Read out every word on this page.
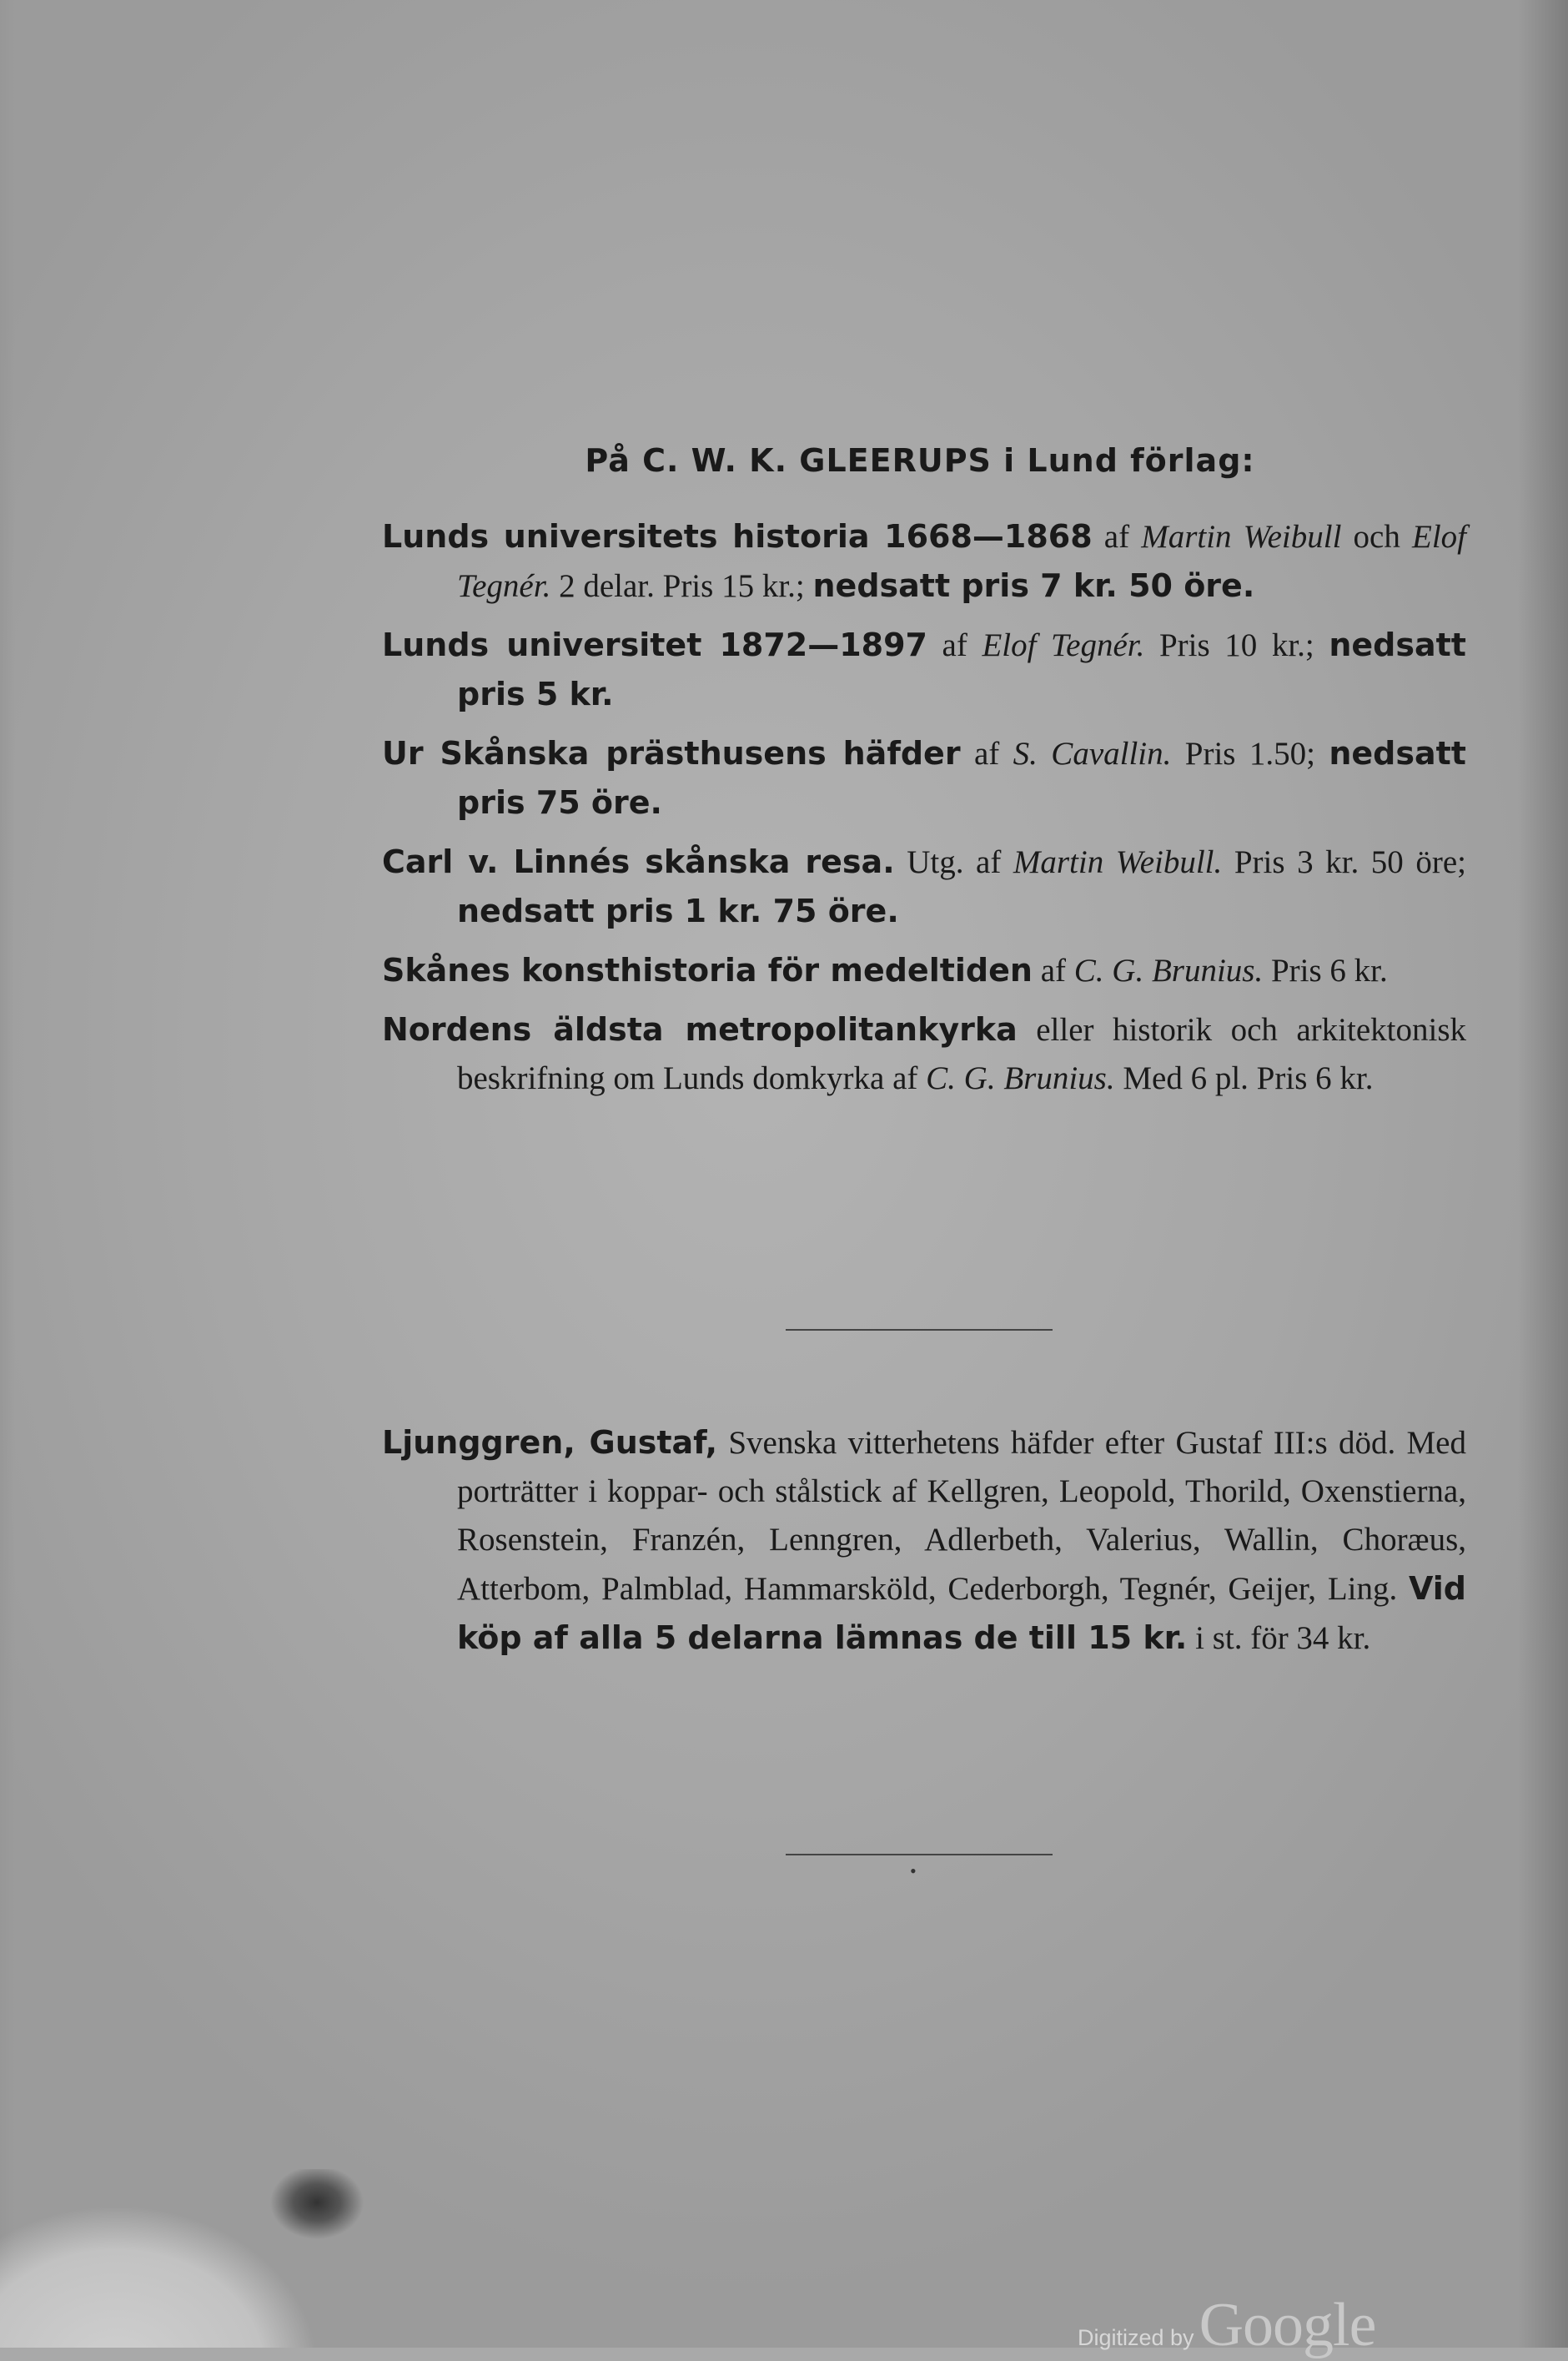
På C. W. K. GLEERUPS i Lund förlag:
Lunds universitets historia 1668—1868 af Martin Weibull och Elof Tegnér. 2 delar. Pris 15 kr.; nedsatt pris 7 kr. 50 öre.
Lunds universitet 1872—1897 af Elof Tegnér. Pris 10 kr.; nedsatt pris 5 kr.
Ur Skånska prästhusens häfder af S. Cavallin. Pris 1.50; nedsatt pris 75 öre.
Carl v. Linnés skånska resa. Utg. af Martin Weibull. Pris 3 kr. 50 öre; nedsatt pris 1 kr. 75 öre.
Skånes konsthistoria för medeltiden af C. G. Brunius. Pris 6 kr.
Nordens äldsta metropolitankyrka eller historik och arkitektonisk beskrifning om Lunds domkyrka af C. G. Brunius. Med 6 pl. Pris 6 kr.
Ljunggren, Gustaf, Svenska vitterhetens häfder efter Gustaf III:s död. Med porträtter i koppar- och stålstick af Kellgren, Leopold, Thorild, Oxenstierna, Rosenstein, Franzén, Lenngren, Adlerbeth, Valerius, Wallin, Choræus, Atterbom, Palmblad, Hammarsköld, Cederborgh, Tegnér, Geijer, Ling. Vid köp af alla 5 delarna lämnas de till 15 kr. i st. för 34 kr.
•
Digitized by Google
